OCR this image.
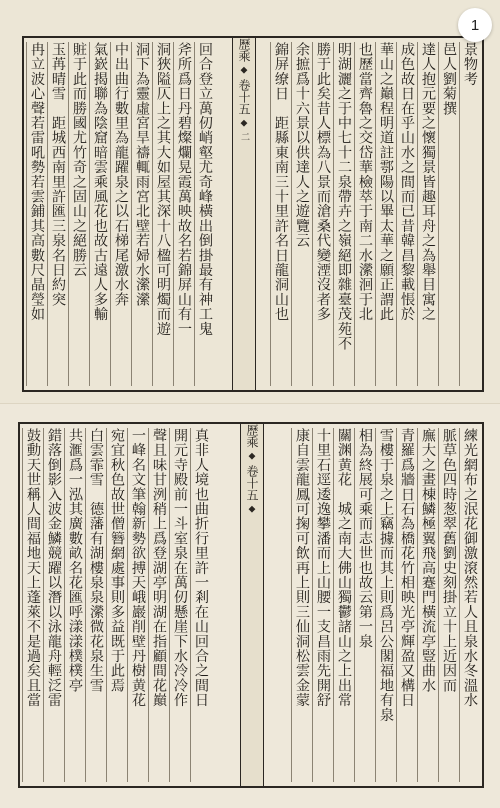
景物考
邑人劉菊撰
達人抱元要之懷獨景皆趣耳舟之為舉目寓之
成色故日在乎山水之間而已昔韓昌黎載悵於
華山之巔程明道註鄠陽以畢太華之願正謂此
也歷當齊魯之交岱華檢萃于南二水瀠洄于北
明湖灑之于中七十二泉帶卉之嶺絕即雜臺茂苑不
勝于此矣昔人標為八景而滄桑代變湮沒者多
余摭爲十六景以供達人之遊覽云
錦屏缭日　距縣東南三十里許名日龍洞山也
歷乘 ◆ 卷十五 ◆ 二
回合登立萬仞峭壑尤奇峰橫出倒掛最有神工鬼
斧所爲日丹碧燦爛晃霞萬映故名若錦屏山有一
洞狹隘仄上之其大如屋其深十八楹可明燭而遊
洞下為靈虛宮旱禱輒雨宮北壁若婦水瀠瀠
中出曲行數里為龍躍泉之以石梯尾激水奔
氣嶔揭聯為陰窟暗雲乘風花也故古遠人多輸
賍于此而勝國尤竹奇之固山之絕勝云
玉苒晴雪　距城西南里許匯三泉名日約突
冉立波心聲若雷吼勢若雲鋪其高數尺晶瑩如
練光網布之泯花御激滾然若人且泉水冬溫水
脈草色四時葱翠舊劉史刻掛立十上近因而
廡大之畫棟鱗極翼飛高蹇門橫流亭豎曲水
青羅爲牆日石為橋花竹相映光亭輝盈又構日
雪樓于泉之上竊據而其上則爲呂公閣福地有泉
相為終展可乘而志世也故云第一泉
關渊黄花　城之南大佛山獨鬱諸山之上出常
十里石逕逶逸攀潘而上山腰一支昌雨先開舒
康自雲龍鳳可掬可飲再上則三仙洞松雲金蒙
歷乘 ◆ 卷十五 ◆
真非人境也曲折行里許一剎在山回合之間日
開元寺殿前一斗室泉在萬仞懸崖下水冷冷作
聲且味甘洌稍上爲登湖亭明湖在指顧間花巔
一峰名文筆翰新勢欲搏天峨巖削壁丹樹黄花
宛宜秋色故世僧簪網處事則多益既于此焉
白雲霏雪　德藩有湖樓泉泉瀠微花泉生雪
共滙爲一泓其廣數畝名花匯呼漾漾樸樸亭
錯落倒影入波金鱗競躍以潛以泳龍舟輕泛雷
鼓動天世稱人間福地天上蓬萊不是過矣且當
1
